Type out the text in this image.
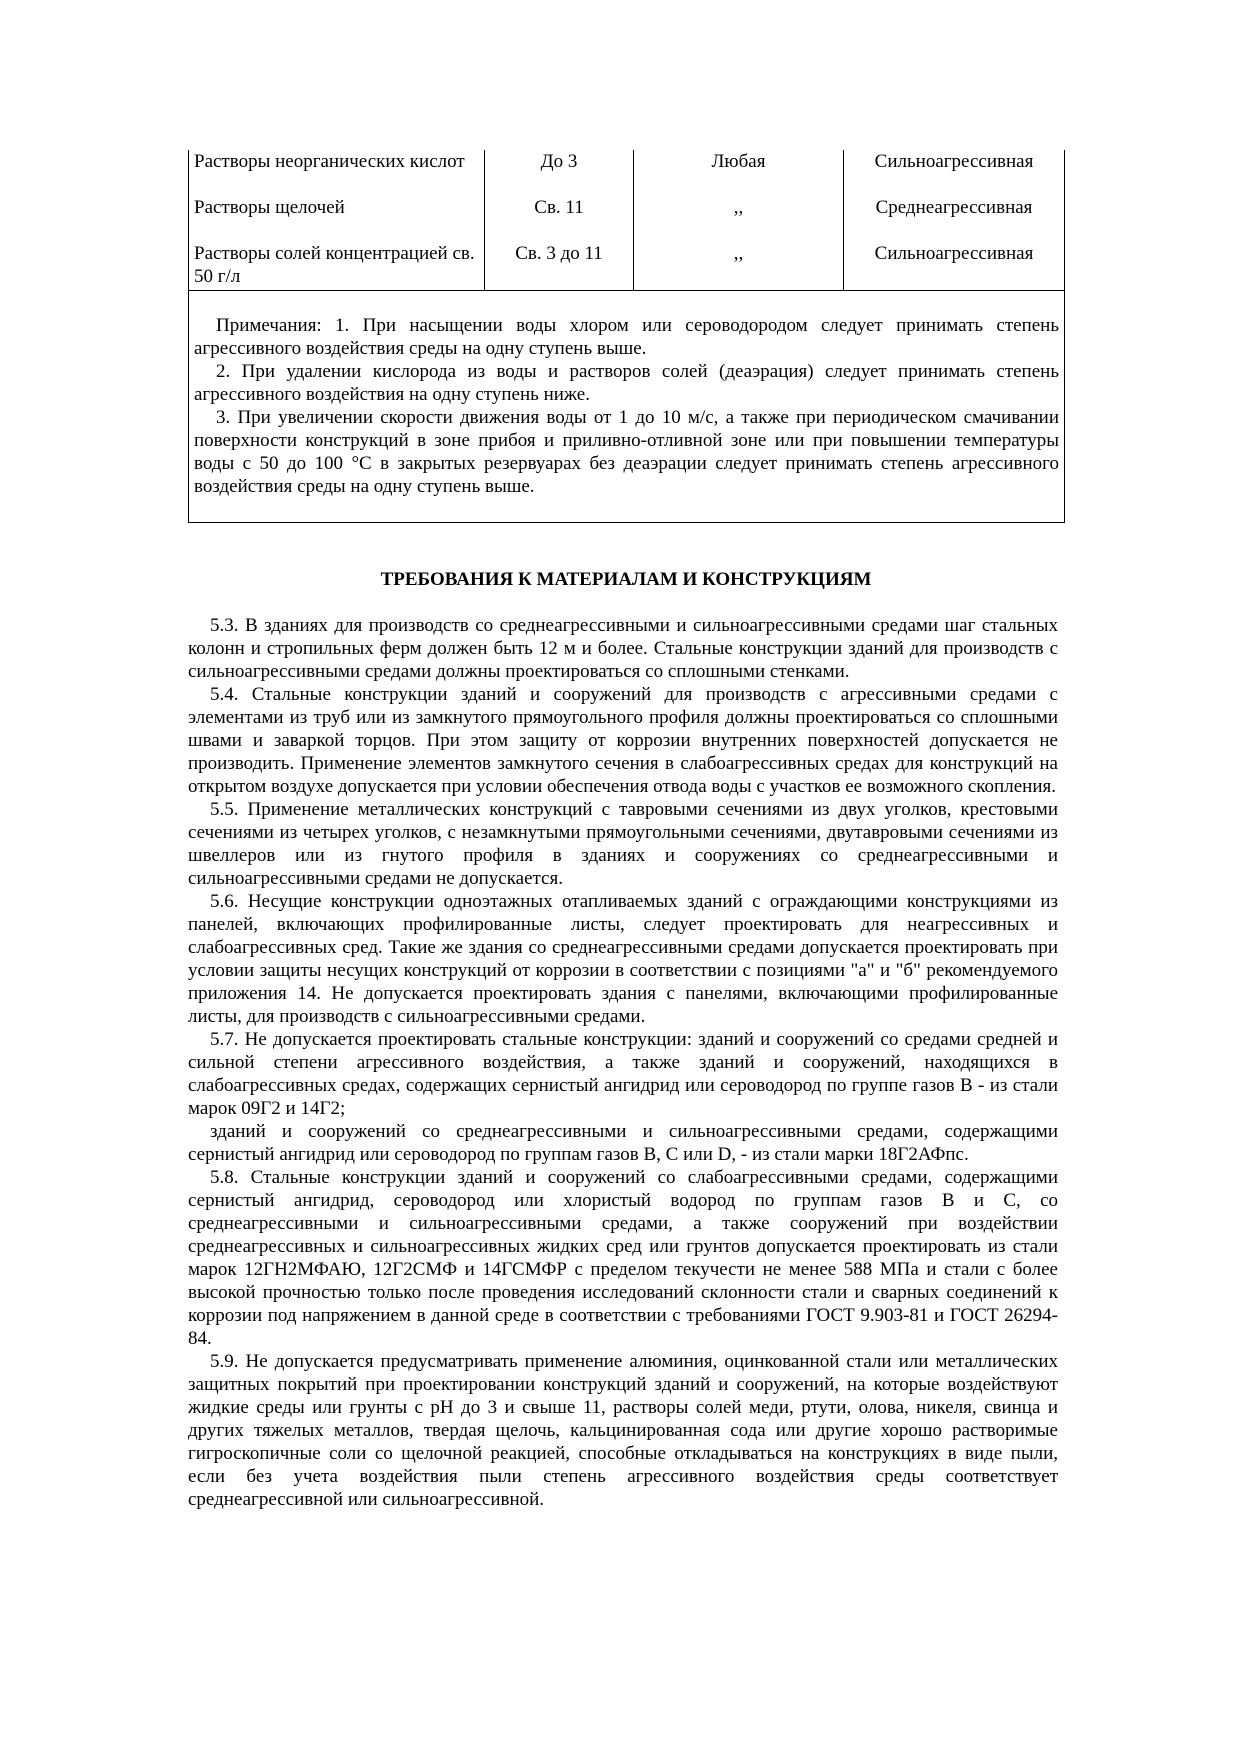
Растворы неорганических кислот	До 3	Любая	Сильноагрессивная
Растворы щелочей	Св. 11	,,	Среднеагрессивная
Растворы солей концентрацией св. 50 г/л	Св. 3 до 11	,,	Сильноагрессивная

Примечания: 1. При насыщении воды хлором или сероводородом следует принимать степень агрессивного воздействия среды на одну ступень выше.

2. При удалении кислорода из воды и растворов солей (деаэрация) следует принимать степень агрессивного воздействия на одну ступень ниже.

3. При увеличении скорости движения воды от 1 до 10 м/с, а также при периодическом смачивании поверхности конструкций в зоне прибоя и приливно-отливной зоне или при повышении температуры воды с 50 до 100 °С в закрытых резервуарах без деаэрации следует принимать степень агрессивного воздействия среды на одну ступень выше.			

ТРЕБОВАНИЯ К МАТЕРИАЛАМ И КОНСТРУКЦИЯМ

5.3. В зданиях для производств со среднеагрессивными и сильноагрессивными средами шаг стальных колонн и стропильных ферм должен быть 12 м и более. Стальные конструкции зданий для производств с сильноагрессивными средами должны проектироваться со сплошными стенками.

5.4. Стальные конструкции зданий и сооружений для производств с агрессивными средами с элементами из труб или из замкнутого прямоугольного профиля должны проектироваться со сплошными швами и заваркой торцов. При этом защиту от коррозии внутренних поверхностей допускается не производить. Применение элементов замкнутого сечения в слабоагрессивных средах для конструкций на открытом воздухе допускается при условии обеспечения отвода воды с участков ее возможного скопления.

5.5. Применение металлических конструкций с тавровыми сечениями из двух уголков, крестовыми сечениями из четырех уголков, с незамкнутыми прямоугольными сечениями, двутавровыми сечениями из швеллеров или из гнутого профиля в зданиях и сооружениях со среднеагрессивными и сильноагрессивными средами не допускается.

5.6. Несущие конструкции одноэтажных отапливаемых зданий с ограждающими конструкциями из панелей, включающих профилированные листы, следует проектировать для неагрессивных и слабоагрессивных сред. Такие же здания со среднеагрессивными средами допускается проектировать при условии защиты несущих конструкций от коррозии в соответствии с позициями "а" и "б" рекомендуемого приложения 14. Не допускается проектировать здания с панелями, включающими профилированные листы, для производств с сильноагрессивными средами.

5.7. Не допускается проектировать стальные конструкции: зданий и сооружений со средами средней и сильной степени агрессивного воздействия, а также зданий и сооружений, находящихся в слабоагрессивных средах, содержащих сернистый ангидрид или сероводород по группе газов В - из стали марок 09Г2 и 14Г2;

зданий и сооружений со среднеагрессивными и сильноагрессивными средами, содержащими сернистый ангидрид или сероводород по группам газов В, С или D, - из стали марки 18Г2АФпс.

5.8. Стальные конструкции зданий и сооружений со слабоагрессивными средами, содержащими сернистый ангидрид, сероводород или хлористый водород по группам газов В и С, со среднеагрессивными и сильноагрессивными средами, а также сооружений при воздействии среднеагрессивных и сильноагрессивных жидких сред или грунтов допускается проектировать из стали марок 12ГН2МФАЮ, 12Г2СМФ и 14ГСМФР с пределом текучести не менее 588 МПа и стали с более высокой прочностью только после проведения исследований склонности стали и сварных соединений к коррозии под напряжением в данной среде в соответствии с требованиями ГОСТ 9.903-81 и ГОСТ 26294-84.

5.9. Не допускается предусматривать применение алюминия, оцинкованной стали или металлических защитных покрытий при проектировании конструкций зданий и сооружений, на которые воздействуют жидкие среды или грунты с рН до 3 и свыше 11, растворы солей меди, ртути, олова, никеля, свинца и других тяжелых металлов, твердая щелочь, кальцинированная сода или другие хорошо растворимые гигроскопичные соли со щелочной реакцией, способные откладываться на конструкциях в виде пыли, если без учета воздействия пыли степень агрессивного воздействия среды соответствует среднеагрессивной или сильноагрессивной.
